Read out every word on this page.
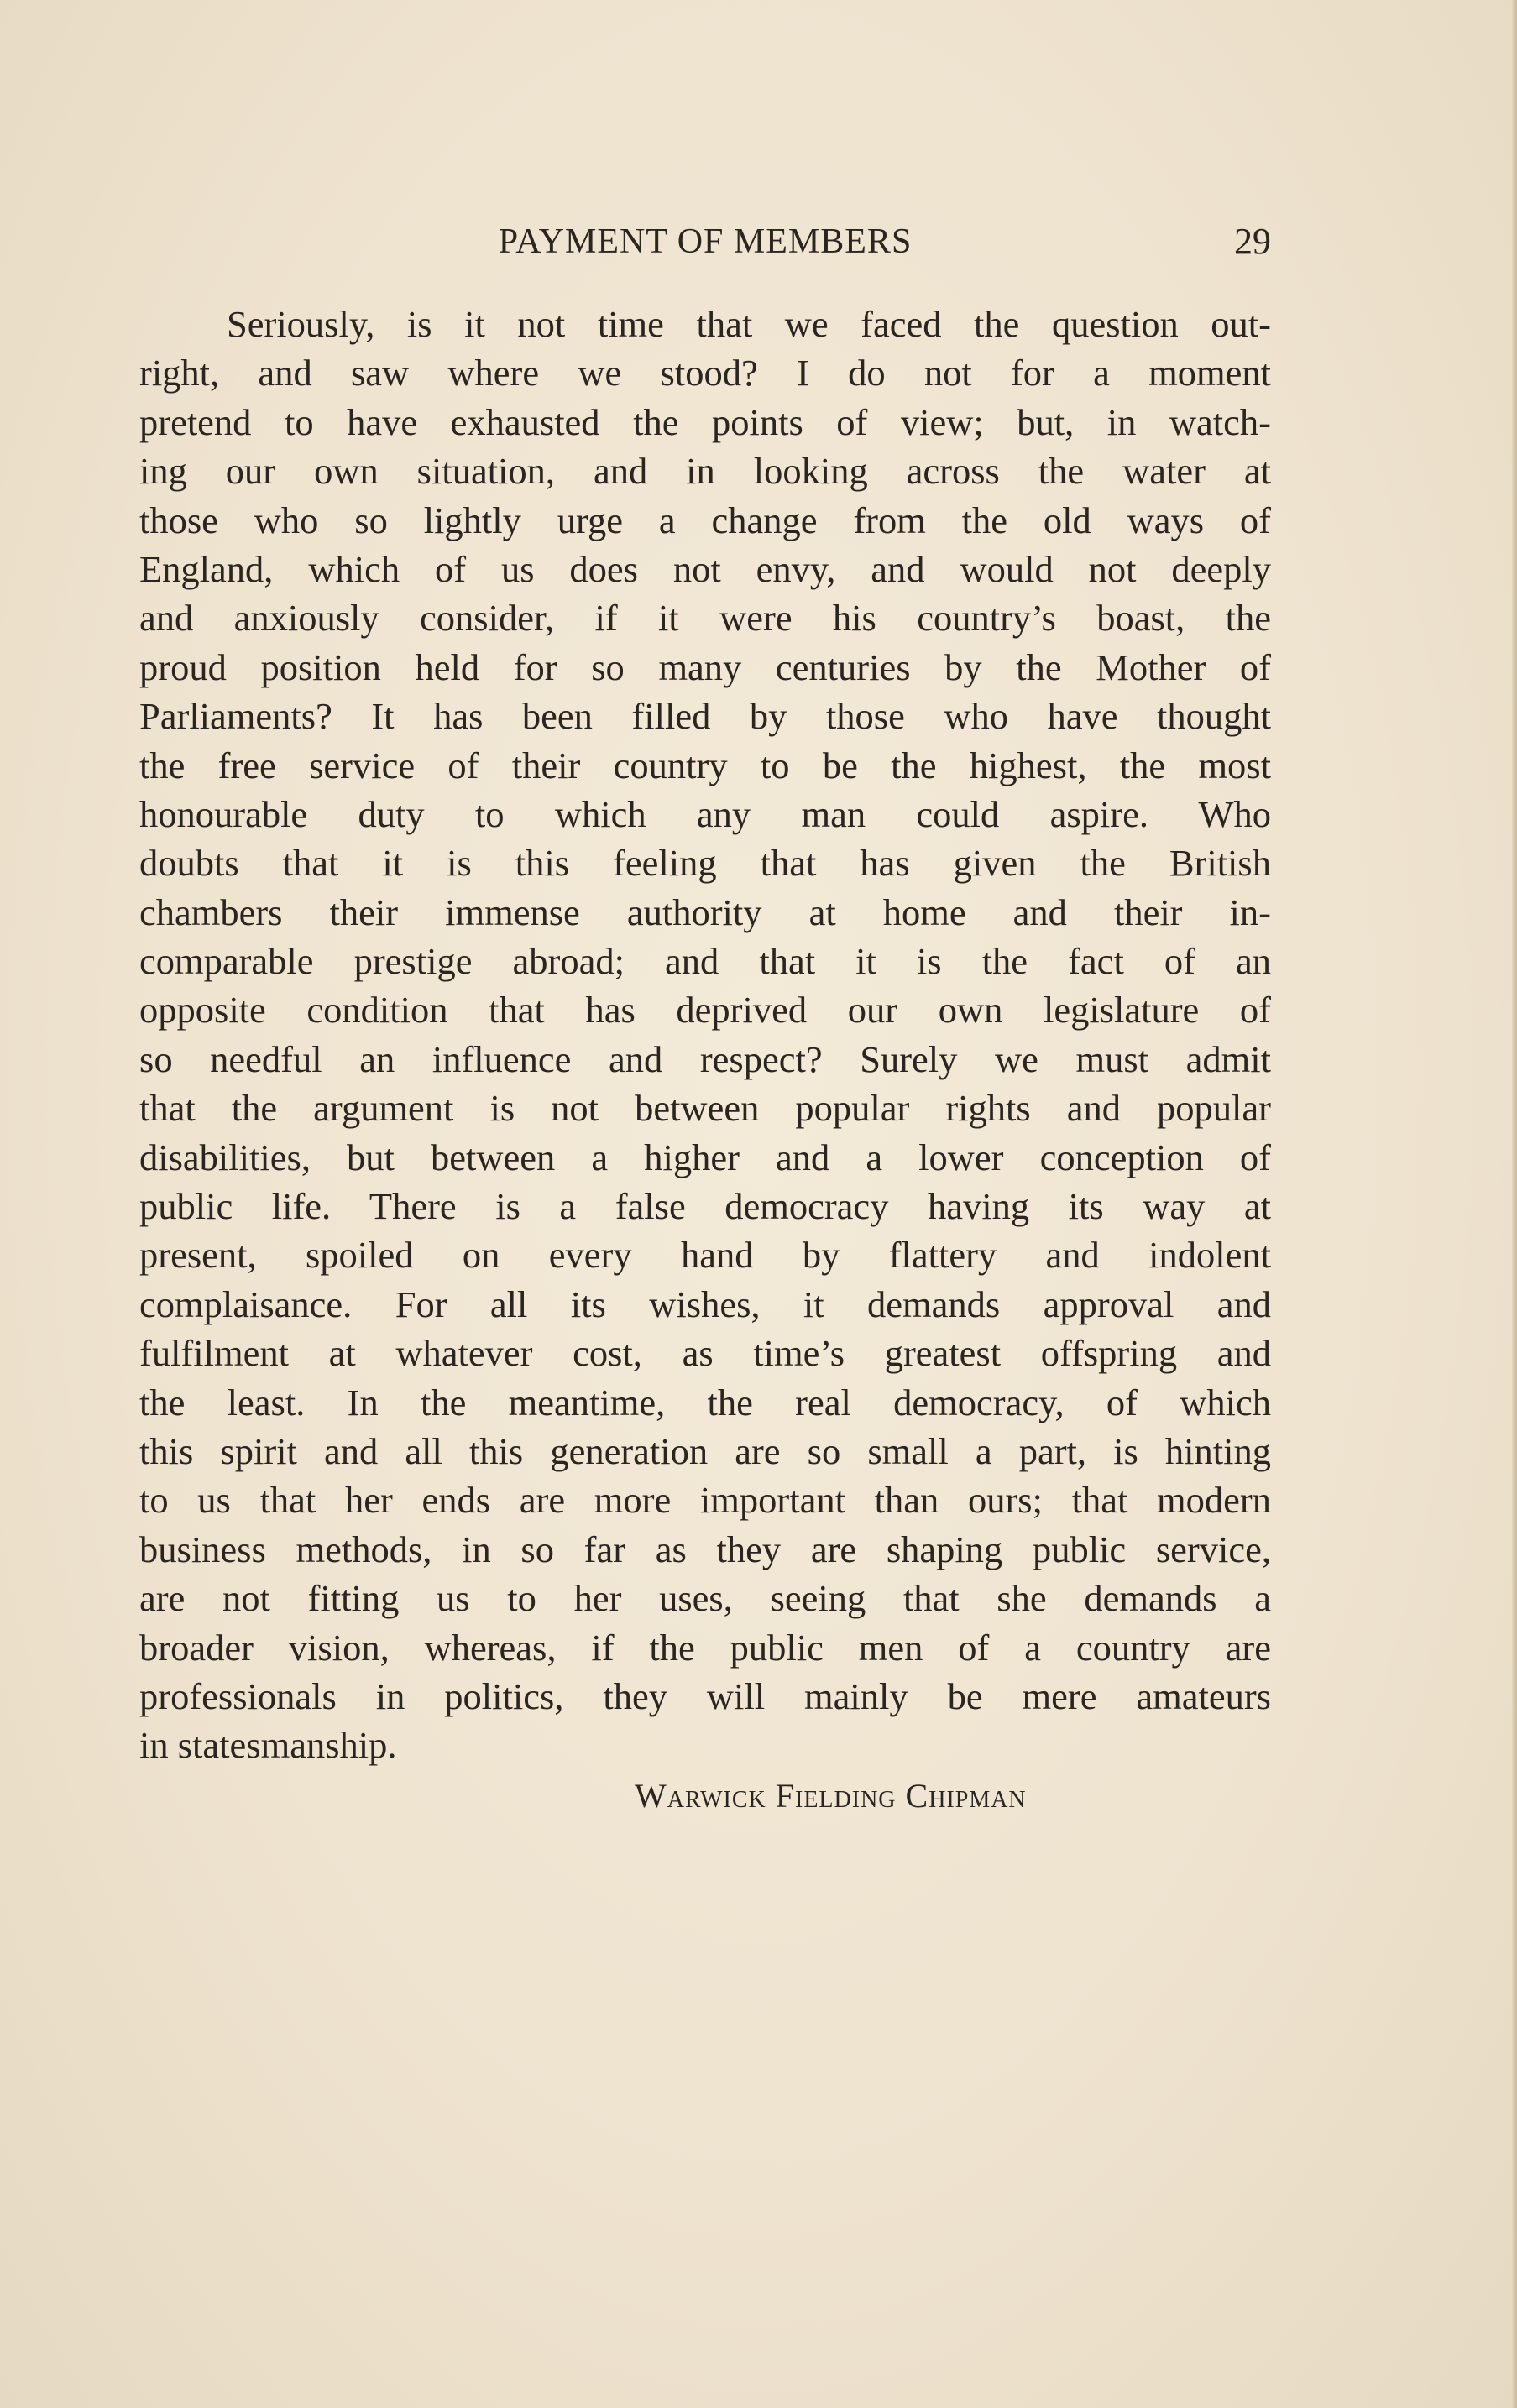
PAYMENT OF MEMBERS	29
Seriously, is it not time that we faced the question out-
right, and saw where we stood? I do not for a moment
pretend to have exhausted the points of view; but, in watch-
ing our own situation, and in looking across the water at
those who so lightly urge a change from the old ways of
England, which of us does not envy, and would not deeply
and anxiously consider, if it were his country’s boast, the
proud position held for so many centuries by the Mother of
Parliaments? It has been filled by those who have thought
the free service of their country to be the highest, the most
honourable duty to which any man could aspire. Who
doubts that it is this feeling that has given the British
chambers their immense authority at home and their in-
comparable prestige abroad; and that it is the fact of an
opposite condition that has deprived our own legislature of
so needful an influence and respect? Surely we must admit
that the argument is not between popular rights and popular
disabilities, but between a higher and a lower conception of
public life. There is a false democracy having its way at
present, spoiled on every hand by flattery and indolent
complaisance. For all its wishes, it demands approval and
fulfilment at whatever cost, as time’s greatest offspring and
the least. In the meantime, the real democracy, of which
this spirit and all this generation are so small a part, is hinting
to us that her ends are more important than ours; that modern
business methods, in so far as they are shaping public service,
are not fitting us to her uses, seeing that she demands a
broader vision, whereas, if the public men of a country are
professionals in politics, they will mainly be mere amateurs
in statesmanship.
Warwick Fielding Chipman
